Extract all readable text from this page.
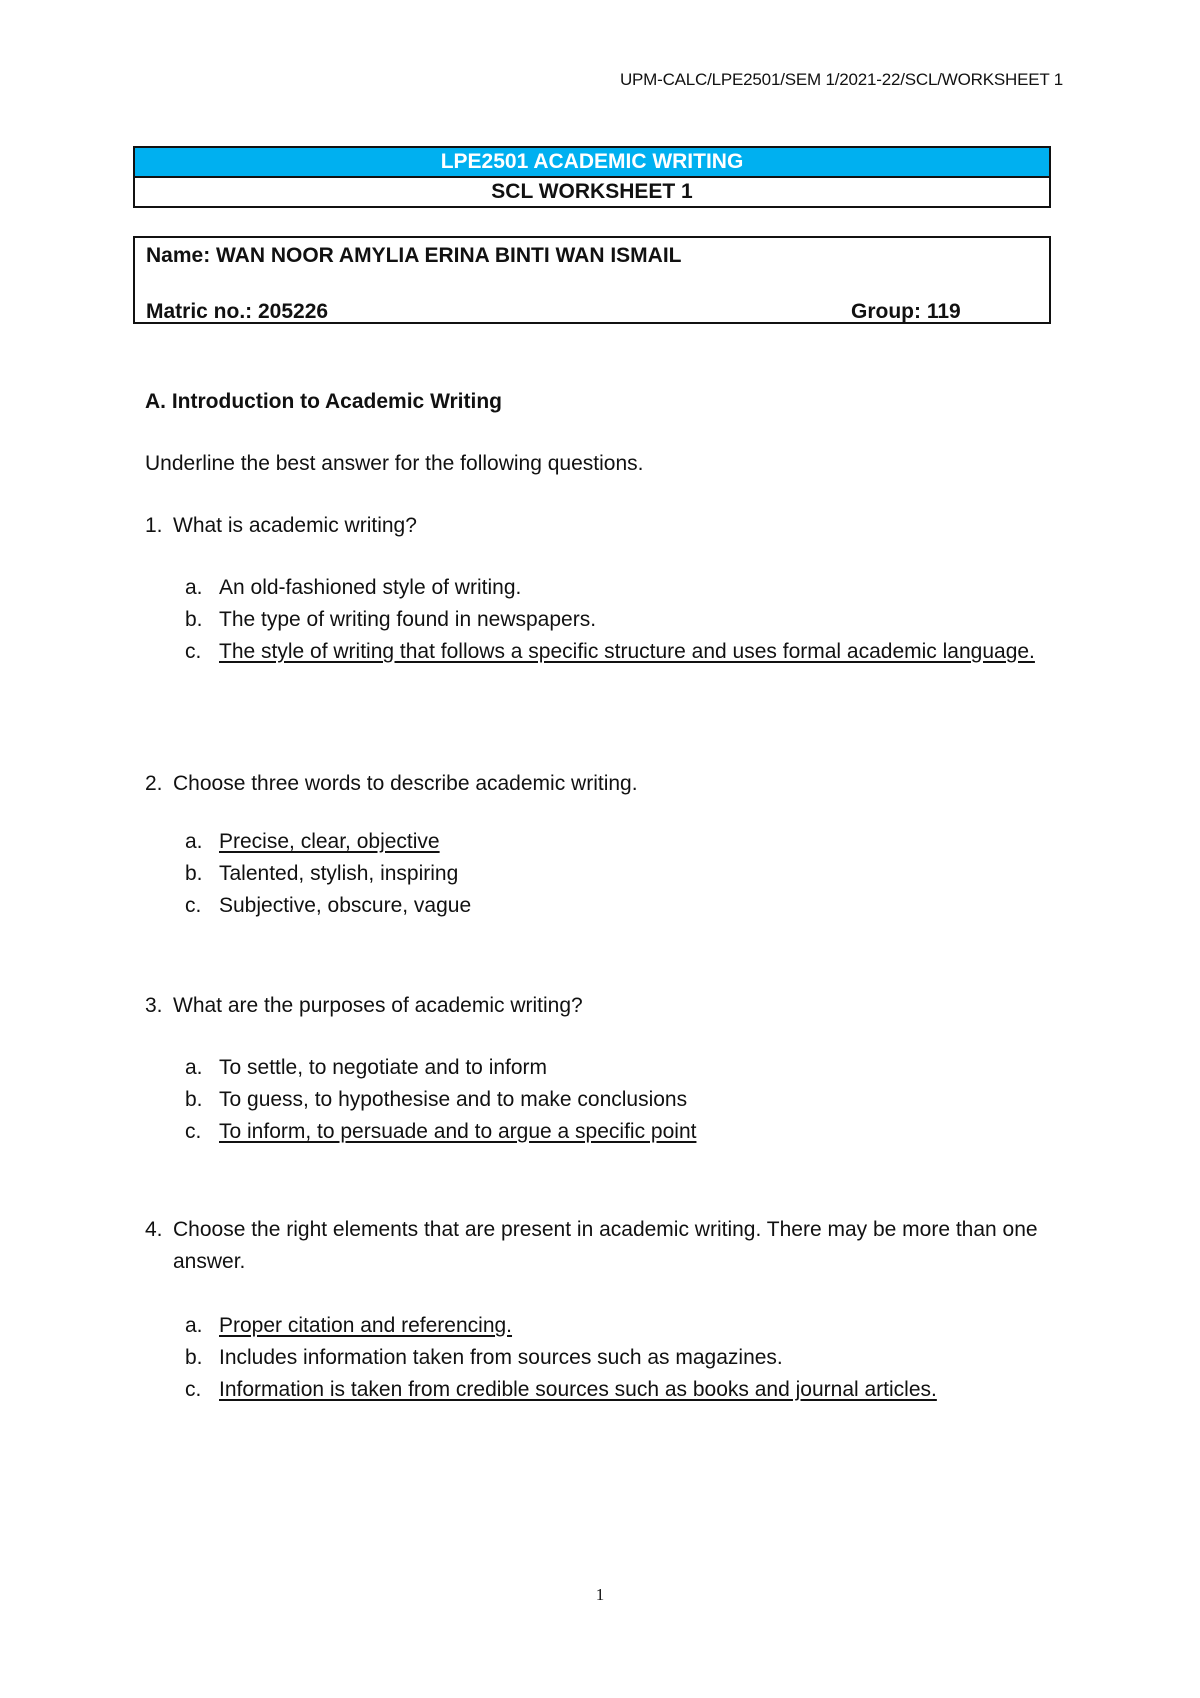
UPM-CALC/LPE2501/SEM 1/2021-22/SCL/WORKSHEET 1
LPE2501 ACADEMIC WRITING
SCL WORKSHEET 1
Name: WAN NOOR AMYLIA ERINA BINTI WAN ISMAIL
Matric no.: 205226	Group: 119
A. Introduction to Academic Writing
Underline the best answer for the following questions.
1. What is academic writing?
a. An old-fashioned style of writing.
b. The type of writing found in newspapers.
c. The style of writing that follows a specific structure and uses formal academic language.
2. Choose three words to describe academic writing.
a. Precise, clear, objective
b. Talented, stylish, inspiring
c. Subjective, obscure, vague
3. What are the purposes of academic writing?
a. To settle, to negotiate and to inform
b. To guess, to hypothesise and to make conclusions
c. To inform, to persuade and to argue a specific point
4. Choose the right elements that are present in academic writing. There may be more than one answer.
a. Proper citation and referencing.
b. Includes information taken from sources such as magazines.
c. Information is taken from credible sources such as books and journal articles.
1
